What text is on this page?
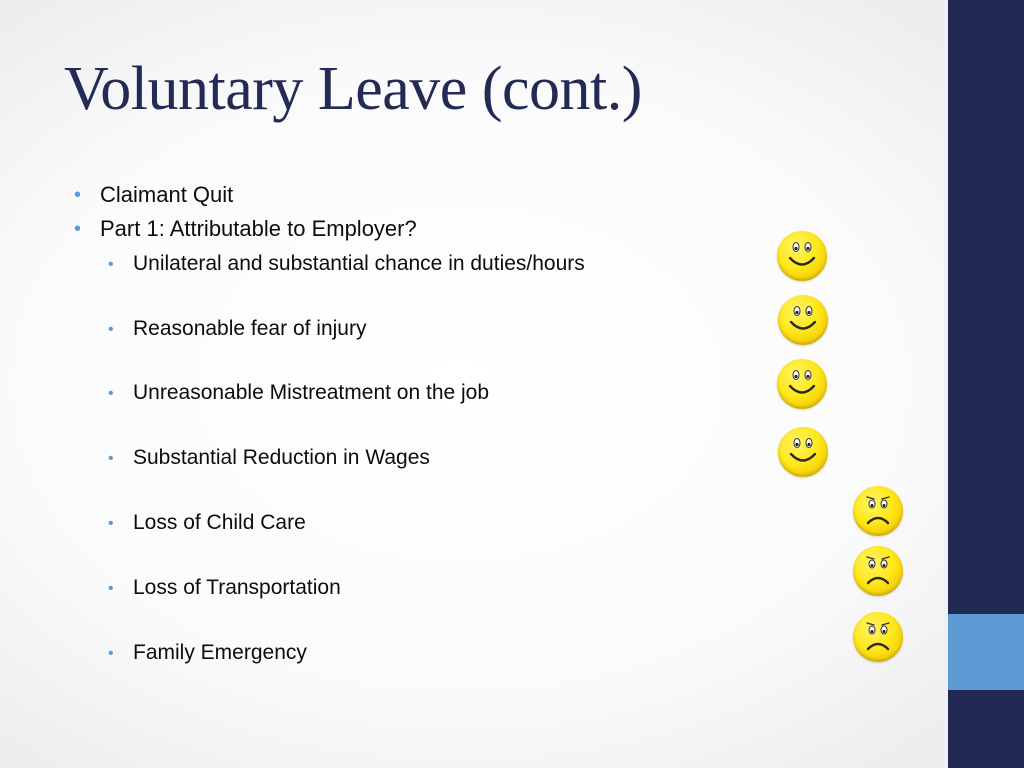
Voluntary Leave (cont.)
• Claimant Quit
• Part 1: Attributable to Employer?
• Unilateral and substantial chance in duties/hours
• Reasonable fear of injury
• Unreasonable Mistreatment on the job
• Substantial Reduction in Wages
• Loss of Child Care
• Loss of Transportation
• Family Emergency
